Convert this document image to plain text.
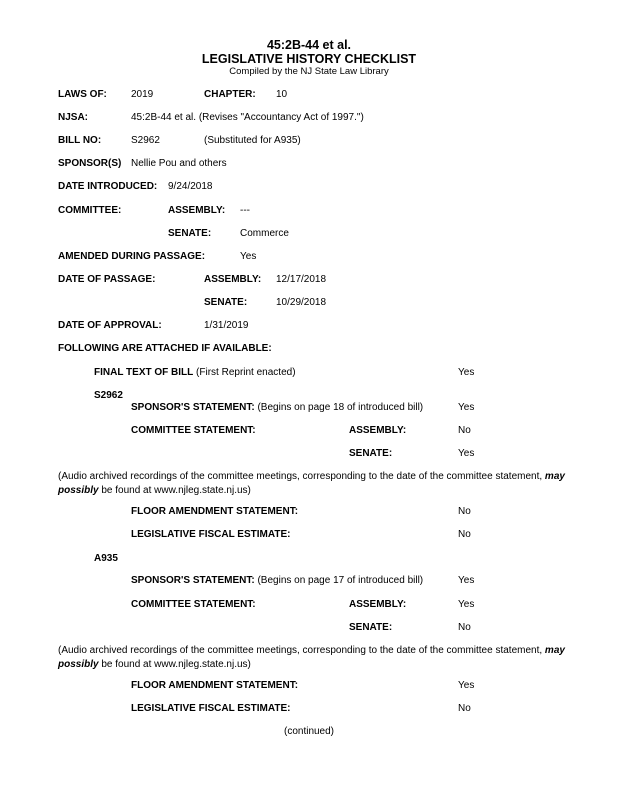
45:2B-44 et al.
LEGISLATIVE HISTORY CHECKLIST
Compiled by the NJ State Law Library
LAWS OF: 2019	CHAPTER: 10
NJSA:	45:2B-44 et al. (Revises "Accountancy Act of 1997.")
BILL NO:	S2962	(Substituted for A935)
SPONSOR(S) Nellie Pou and others
DATE INTRODUCED: 9/24/2018
COMMITTEE:	ASSEMBLY: ---
SENATE:	Commerce
AMENDED DURING PASSAGE:	Yes
DATE OF PASSAGE:	ASSEMBLY: 12/17/2018
SENATE:	10/29/2018
DATE OF APPROVAL:	1/31/2019
FOLLOWING ARE ATTACHED IF AVAILABLE:
FINAL TEXT OF BILL (First Reprint enacted)	Yes
S2962
SPONSOR'S STATEMENT: (Begins on page 18 of introduced bill)	Yes
COMMITTEE STATEMENT:	ASSEMBLY:	No
SENATE:	Yes
(Audio archived recordings of the committee meetings, corresponding to the date of the committee statement, may possibly be found at www.njleg.state.nj.us)
FLOOR AMENDMENT STATEMENT:	No
LEGISLATIVE FISCAL ESTIMATE:	No
A935
SPONSOR'S STATEMENT: (Begins on page 17 of introduced bill)	Yes
COMMITTEE STATEMENT:	ASSEMBLY:	Yes
SENATE:	No
(Audio archived recordings of the committee meetings, corresponding to the date of the committee statement, may possibly be found at www.njleg.state.nj.us)
FLOOR AMENDMENT STATEMENT:	Yes
LEGISLATIVE FISCAL ESTIMATE:	No
(continued)
